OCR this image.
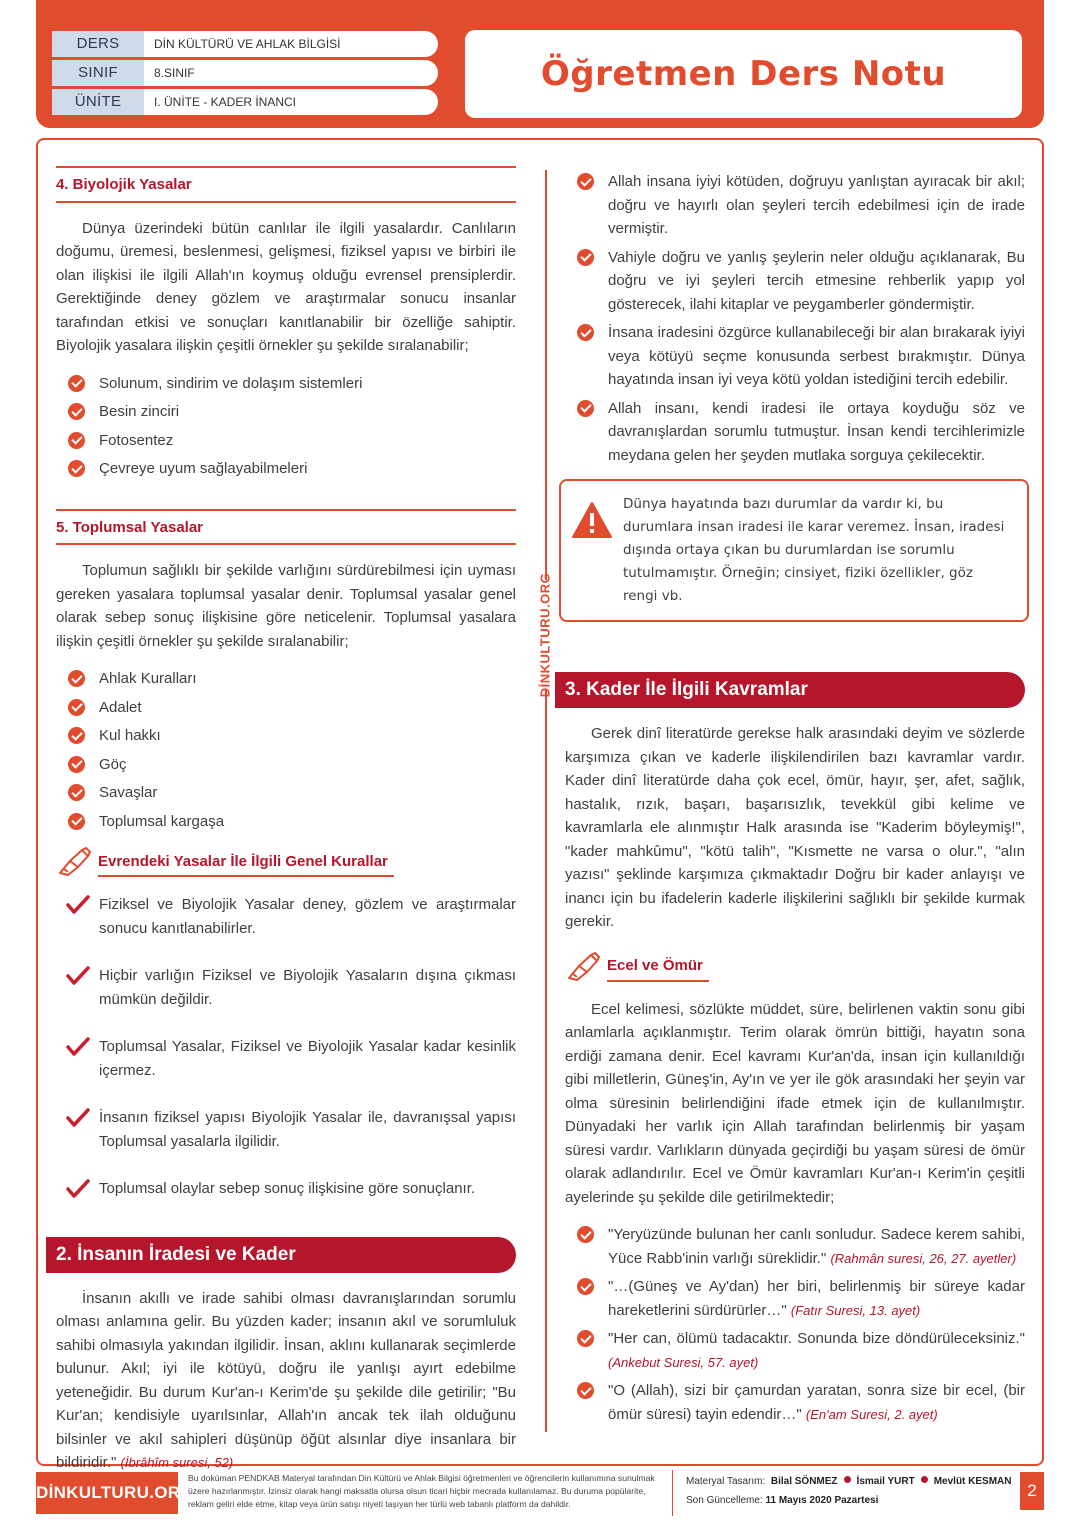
DERS	DİN KÜLTÜRÜ VE AHLAK BİLGİSİ
SINIF	8.SINIF
ÜNİTE	I. ÜNİTE - KADER İNANCI
Öğretmen Ders Notu
DİNKULTURU.ORG
4. Biyolojik Yasalar

Dünya üzerindeki bütün canlılar ile ilgili yasalardır. Canlıların doğumu, üremesi, beslenmesi, gelişmesi, fiziksel yapısı ve birbiri ile olan ilişkisi ile ilgili Allah'ın koymuş olduğu evrensel prensiplerdir. Gerektiğinde deney gözlem ve araştırmalar sonucu insanlar tarafından etkisi ve sonuçları kanıtlanabilir bir özelliğe sahiptir. Biyolojik yasalara ilişkin çeşitli örnekler şu şekilde sıralanabilir;

Solunum, sindirim ve dolaşım sistemleri
Besin zinciri
Fotosentez
Çevreye uyum sağlayabilmeleri
5. Toplumsal Yasalar

Toplumun sağlıklı bir şekilde varlığını sürdürebilmesi için uyması gereken yasalara toplumsal yasalar denir. Toplumsal yasalar genel olarak sebep sonuç ilişkisine göre neticelenir. Toplumsal yasalara ilişkin çeşitli örnekler şu şekilde sıralanabilir;

Ahlak Kuralları
Adalet
Kul hakkı
Göç
Savaşlar
Toplumsal kargaşa
Evrendeki Yasalar İle İlgili Genel Kurallar
Fiziksel ve Biyolojik Yasalar deney, gözlem ve araştırmalar sonucu kanıtlanabilirler.
Hiçbir varlığın Fiziksel ve Biyolojik Yasaların dışına çıkması mümkün değildir.
Toplumsal Yasalar, Fiziksel ve Biyolojik Yasalar kadar kesinlik içermez.
İnsanın fiziksel yapısı Biyolojik Yasalar ile, davranışsal yapısı Toplumsal yasalarla ilgilidir.
Toplumsal olaylar sebep sonuç ilişkisine göre sonuçlanır.
2. İnsanın İradesi ve Kader

İnsanın akıllı ve irade sahibi olması davranışlarından sorumlu olması anlamına gelir. Bu yüzden kader; insanın akıl ve sorumluluk sahibi olmasıyla yakından ilgilidir. İnsan, aklını kullanarak seçimlerde bulunur. Akıl; iyi ile kötüyü, doğru ile yanlışı ayırt edebilme yeteneğidir. Bu durum Kur'an-ı Kerim'de şu şekilde dile getirilir; "Bu Kur'an; kendisiyle uyarılsınlar, Allah'ın ancak tek ilah olduğunu bilsinler ve akıl sahipleri düşünüp öğüt alsınlar diye insanlara bir bildiridir." (İbrâhîm suresi, 52)

Allah insana iyiyi kötüden, doğruyu yanlıştan ayıracak bir akıl; doğru ve hayırlı olan şeyleri tercih edebilmesi için de irade vermiştir.
Vahiyle doğru ve yanlış şeylerin neler olduğu açıklanarak, Bu doğru ve iyi şeyleri tercih etmesine rehberlik yapıp yol gösterecek, ilahi kitaplar ve peygamberler göndermiştir.
İnsana iradesini özgürce kullanabileceği bir alan bırakarak iyiyi veya kötüyü seçme konusunda serbest bırakmıştır. Dünya hayatında insan iyi veya kötü yoldan istediğini tercih edebilir.
Allah insanı, kendi iradesi ile ortaya koyduğu söz ve davranışlardan sorumlu tutmuştur. İnsan kendi tercihlerimizle meydana gelen her şeyden mutlaka sorguya çekilecektir.
Dünya hayatında bazı durumlar da vardır ki, bu durumlara insan iradesi ile karar veremez. İnsan, iradesi dışında ortaya çıkan bu durumlardan ise sorumlu tutulmamıştır. Örneğin; cinsiyet, fiziki özellikler, göz rengi vb.
3. Kader İle İlgili Kavramlar

Gerek dinî literatürde gerekse halk arasındaki deyim ve sözlerde karşımıza çıkan ve kaderle ilişkilendirilen bazı kavramlar vardır. Kader dinî literatürde daha çok ecel, ömür, hayır, şer, afet, sağlık, hastalık, rızık, başarı, başarısızlık, tevekkül gibi kelime ve kavramlarla ele alınmıştır Halk arasında ise "Kaderim böyleymiş!", "kader mahkûmu", "kötü talih", "Kısmette ne varsa o olur.", "alın yazısı" şeklinde karşımıza çıkmaktadır Doğru bir kader anlayışı ve inancı için bu ifadelerin kaderle ilişkilerini sağlıklı bir şekilde kurmak gerekir.

Ecel ve Ömür

Ecel kelimesi, sözlükte müddet, süre, belirlenen vaktin sonu gibi anlamlarla açıklanmıştır. Terim olarak ömrün bittiği, hayatın sona erdiği zamana denir. Ecel kavramı Kur'an'da, insan için kullanıldığı gibi milletlerin, Güneş'in, Ay'ın ve yer ile gök arasındaki her şeyin var olma süresinin belirlendiğini ifade etmek için de kullanılmıştır. Dünyadaki her varlık için Allah tarafından belirlenmiş bir yaşam süresi vardır. Varlıkların dünyada geçirdiği bu yaşam süresi de ömür olarak adlandırılır. Ecel ve Ömür kavramları Kur'an-ı Kerim'in çeşitli ayelerinde şu şekilde dile getirilmektedir;

"Yeryüzünde bulunan her canlı sonludur. Sadece kerem sahibi, Yüce Rabb'inin varlığı süreklidir." (Rahmân suresi, 26, 27. ayetler)
"…(Güneş ve Ay'dan) her biri, belirlenmiş bir süreye kadar hareketlerini sürdürürler…" (Fatır Suresi, 13. ayet)
"Her can, ölümü tadacaktır. Sonunda bize döndürüleceksiniz." (Ankebut Suresi, 57. ayet)
"O (Allah), sizi bir çamurdan yaratan, sonra size bir ecel, (bir ömür süresi) tayin edendir…" (En'am Suresi, 2. ayet)
DİNKULTURU.ORG
Bu doküman PENDKAB Materyal tarafından Din Kültürü ve Ahlak Bilgisi öğretmenleri ve öğrencilerin kullanımına sunulmak üzere hazırlanmıştır. İzinsiz olarak hangi maksatla olursa olsun ticari hiçbir mecrada kullanılamaz. Bu duruma popülarite, reklam geliri elde etme, kitap veya ürün satışı niyeti taşıyan her türlü web tabanlı platform da dahildir.
Materyal Tasarım: Bilal SÖNMEZ İsmail YURT Mevlüt KESMAN
Son Güncelleme: 11 Mayıs 2020 Pazartesi
2
